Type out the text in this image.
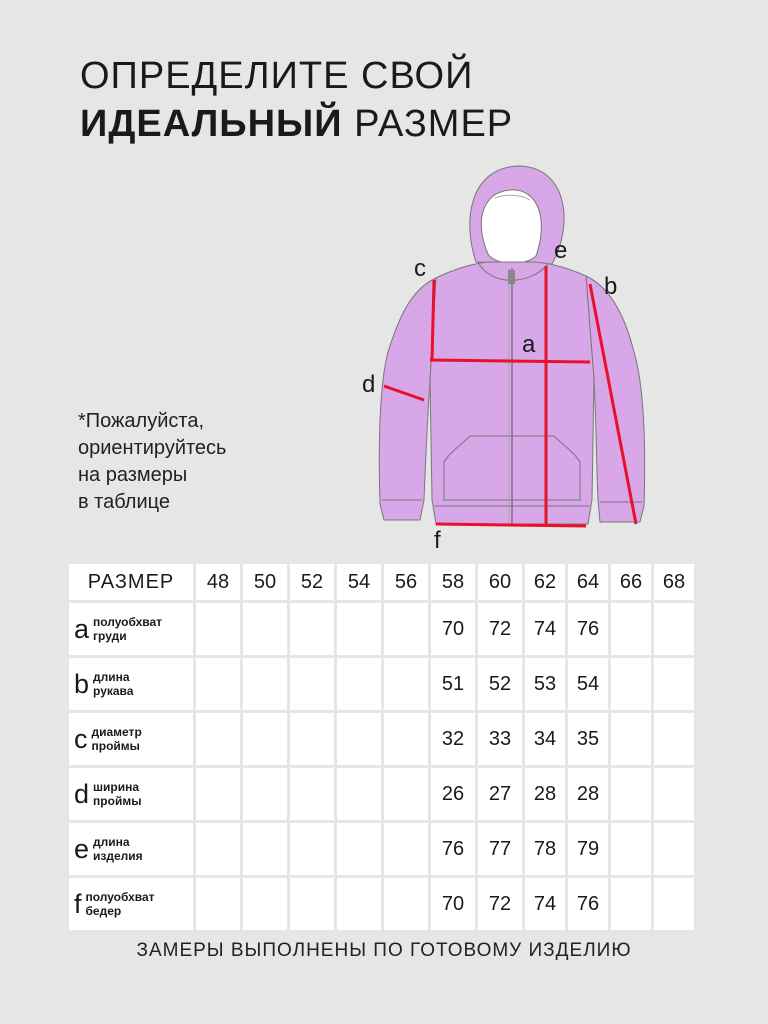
ОПРЕДЕЛИТЕ СВОЙ
ИДЕАЛЬНЫЙ РАЗМЕР
*Пожалуйста,
ориентируйтесь
на размеры
в таблице
a
b
c
d
e
f
РАЗМЕР	48	50	52	54	56	58	60	62	64	66	68

a полуобхват
груди						70	72	74	76		

b длина
рукава						51	52	53	54		

c диаметр
проймы						32	33	34	35		

d ширина
проймы						26	27	28	28		

e длина
изделия						76	77	78	79		

f полуобхват
бедер						70	72	74	76		
ЗАМЕРЫ ВЫПОЛНЕНЫ ПО ГОТОВОМУ ИЗДЕЛИЮ
